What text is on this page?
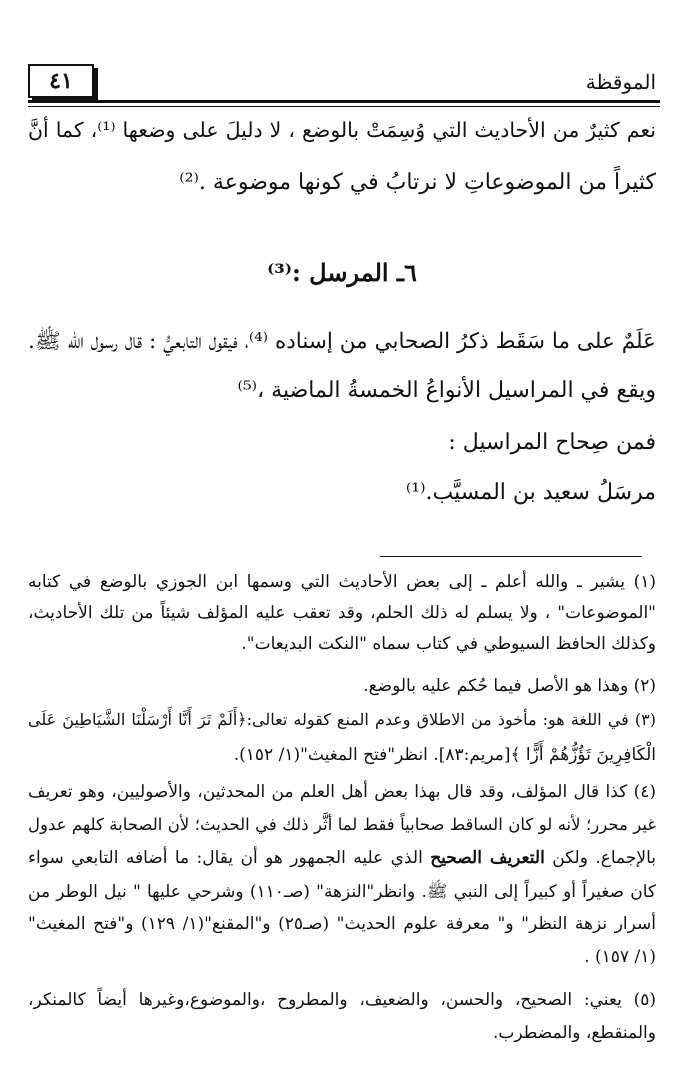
٤١	الموقظة
نعم كثيرٌ من الأحاديث التي وُسِمَتْ بالوضع ، لا دليلَ على وضعها ⁽¹⁾، كما أنَّ
كثيراً من الموضوعاتِ لا نرتابُ في كونها موضوعة .⁽²⁾
٦ـ المرسل :⁽³⁾
عَلَمٌ على ما سَقَط ذكرُ الصحابي من إسناده ⁽⁴⁾، فيقول التابعيُّ : قال رسول الله ﷺ.
ويقع في المراسيل الأنواعُ الخمسةُ الماضية ،⁽⁵⁾
فمن صِحاح المراسيل :
مرسَلُ سعيد بن المسيَّب.⁽¹⁾
(١) يشير ـ والله أعلم ـ إلى بعض الأحاديث التي وسمها ابن الجوزي بالوضع في كتابه
"الموضوعات" ، ولا يسلم له ذلك الحلم، وقد تعقب عليه المؤلف شيئاً من تلك الأحاديث،
وكذلك الحافظ السيوطي في كتاب سماه "النكت البديعات".
(٢) وهذا هو الأصل فيما حُكم عليه بالوضع.
(٣) في اللغة هو: مأخوذ من الاطلاق وعدم المنع كقوله تعالى:﴿أَلَمْ تَرَ أَنَّا أَرْسَلْنَا الشَّيَاطِينَ عَلَى
الْكَافِرِينَ تَؤُزُّهُمْ أَزًّا ﴾[مريم:٨٣]. انظر"فتح المغيث"(١/ ١٥٢).
(٤) كذا قال المؤلف، وقد قال بهذا بعض أهل العلم من المحدثين، والأصوليين، وهو تعريف
غير محرر؛ لأنه لو كان الساقط صحابياً فقط لما أثَّر ذلك في الحديث؛ لأن الصحابة كلهم عدول
بالإجماع. ولكن التعريف الصحيح الذي عليه الجمهور هو أن يقال: ما أضافه التابعي سواء
كان صغيراً أو كبيراً إلى النبي ﷺ. وانظر"النزهة" (صـ١١٠) وشرحي عليها " نيل الوطر من
أسرار نزهة النظر" و" معرفة علوم الحديث" (صـ٢٥) و"المقنع"(١/ ١٢٩) و"فتح المغيث"
(١/ ١٥٧) .
(٥) يعني: الصحيح، والحسن، والضعيف، والمطروح ،والموضوع،وغيرها أيضاً كالمنكر،
والمنقطع، والمضطرب.
